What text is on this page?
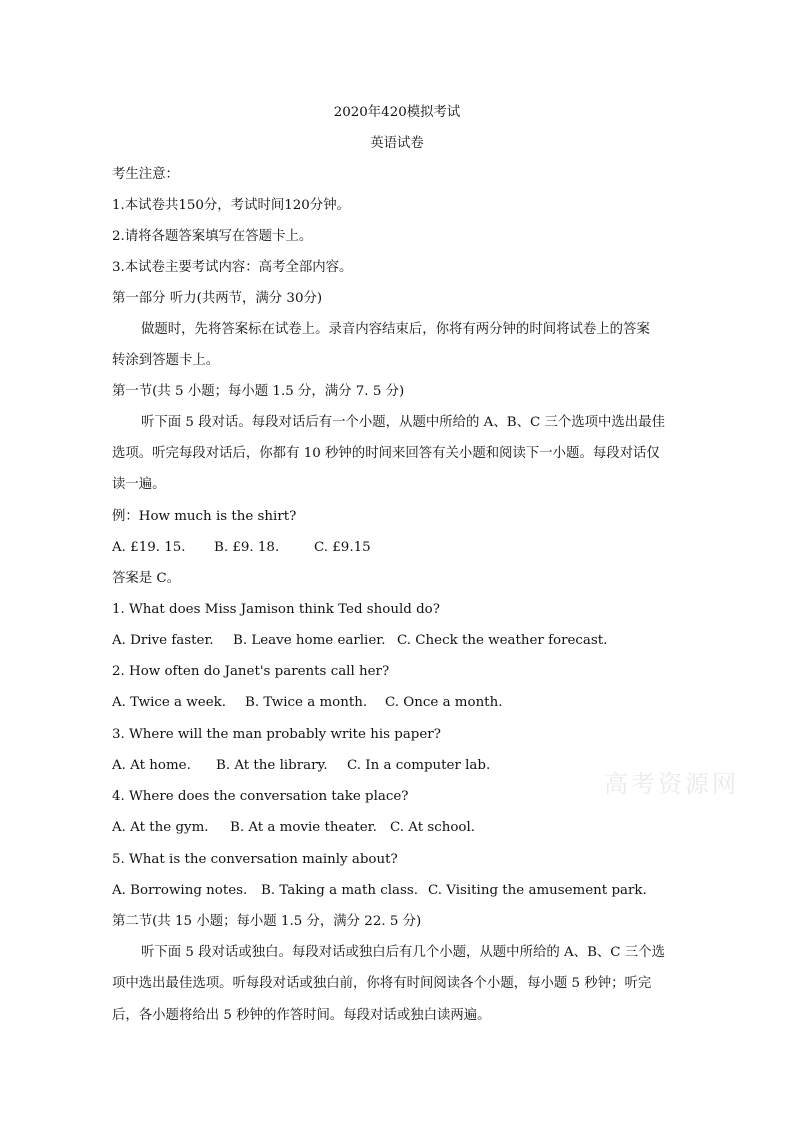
2020年420模拟考试
英语试卷
考生注意：
1.本试卷共150分，考试时间120分钟。
2.请将各题答案填写在答题卡上。
3.本试卷主要考试内容：高考全部内容。
第一部分 听力(共两节，满分 30分)
做题时，先将答案标在试卷上。录音内容结束后，你将有两分钟的时间将试卷上的答案
转涂到答题卡上。
第一节(共 5 小题；每小题 1.5 分，满分 7. 5 分)
听下面 5 段对话。每段对话后有一个小题，从题中所给的 A、B、C 三个选项中选出最佳
选项。听完每段对话后，你都有 10 秒钟的时间来回答有关小题和阅读下一小题。每段对话仅
读一遍。
例：How much is the shirt?
A. £19. 15. B. £9. 18.	C. £9.15
答案是 C。
1. What does Miss Jamison think Ted should do?
A. Drive faster. B. Leave home earlier. C. Check the weather forecast.
2. How often do Janet's parents call her?
A. Twice a week. B. Twice a month. C. Once a month.
3. Where will the man probably write his paper?
A. At home. B. At the library. C. In a computer lab.
4. Where does the conversation take place?
A. At the gym. B. At a movie theater. C. At school.
5. What is the conversation mainly about?
A. Borrowing notes. B. Taking a math class. C. Visiting the amusement park.
第二节(共 15 小题；每小题 1.5 分，满分 22. 5 分)
听下面 5 段对话或独白。每段对话或独白后有几个小题，从题中所给的 A、B、C 三个选
项中选出最佳选项。听每段对话或独白前，你将有时间阅读各个小题，每小题 5 秒钟；听完
后，各小题将给出 5 秒钟的作答时间。每段对话或独白读两遍。
高考资源网
